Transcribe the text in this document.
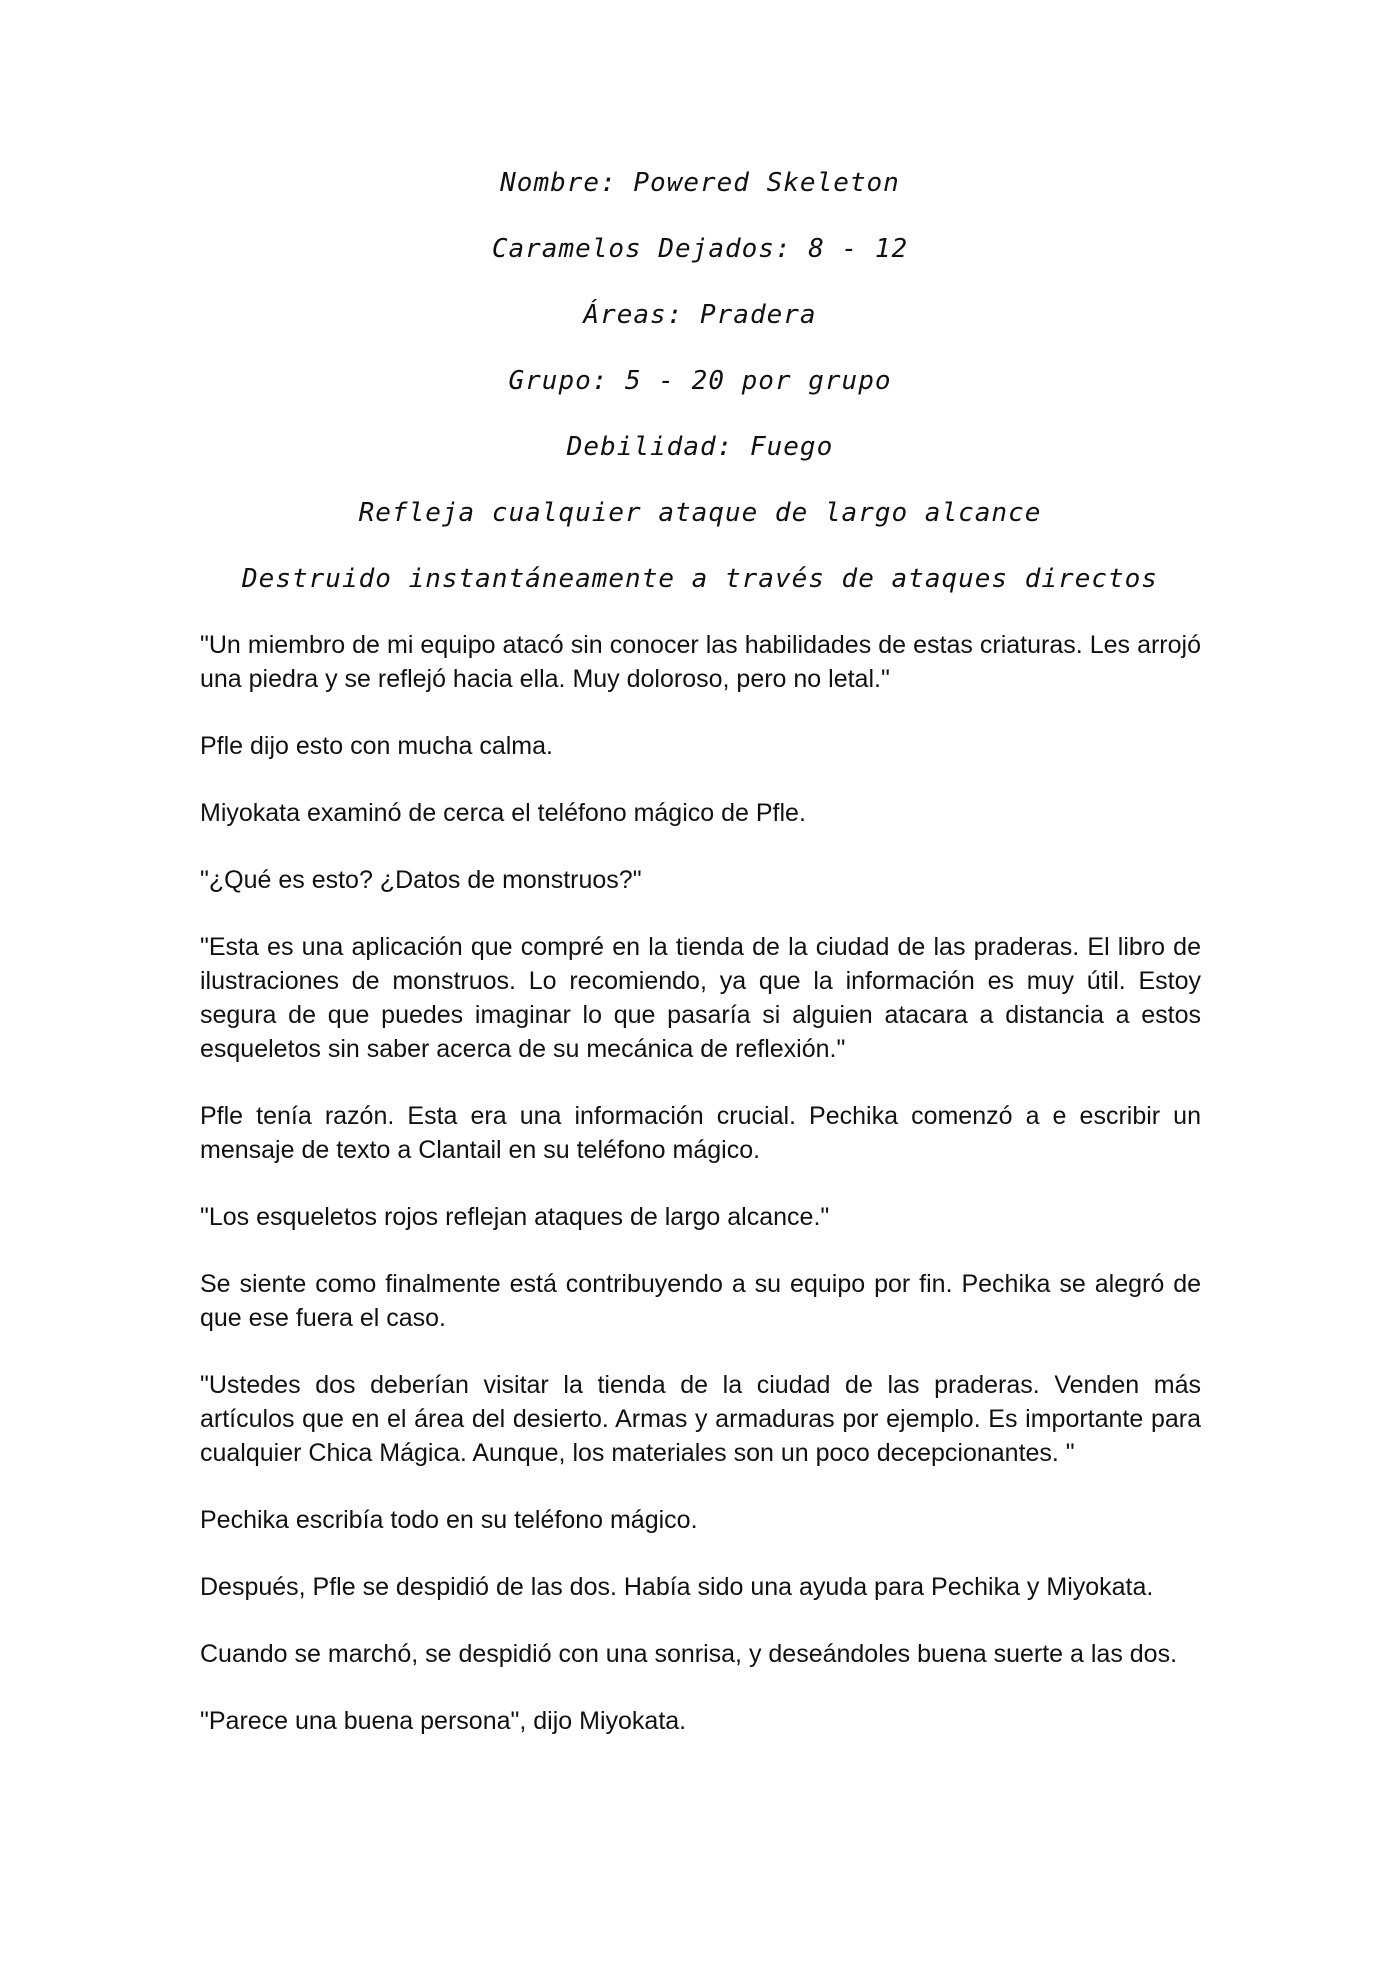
Nombre: Powered Skeleton

Caramelos Dejados: 8 - 12

Áreas: Pradera

Grupo: 5 - 20 por grupo

Debilidad: Fuego

Refleja cualquier ataque de largo alcance

Destruido instantáneamente a través de ataques directos

"Un miembro de mi equipo atacó sin conocer las habilidades de estas criaturas. Les arrojó una piedra y se reflejó hacia ella. Muy doloroso, pero no letal."

Pfle dijo esto con mucha calma.

Miyokata examinó de cerca el teléfono mágico de Pfle.

"¿Qué es esto? ¿Datos de monstruos?"

"Esta es una aplicación que compré en la tienda de la ciudad de las praderas. El libro de ilustraciones de monstruos. Lo recomiendo, ya que la información es muy útil. Estoy segura de que puedes imaginar lo que pasaría si alguien atacara a distancia a estos esqueletos sin saber acerca de su mecánica de reflexión."

Pfle tenía razón. Esta era una información crucial. Pechika comenzó a e escribir un mensaje de texto a Clantail en su teléfono mágico.

"Los esqueletos rojos reflejan ataques de largo alcance."

Se siente como finalmente está contribuyendo a su equipo por fin. Pechika se alegró de que ese fuera el caso.

"Ustedes dos deberían visitar la tienda de la ciudad de las praderas. Venden más artículos que en el área del desierto. Armas y armaduras por ejemplo. Es importante para cualquier Chica Mágica. Aunque, los materiales son un poco decepcionantes. "

Pechika escribía todo en su teléfono mágico.

Después, Pfle se despidió de las dos. Había sido una ayuda para Pechika y Miyokata.

Cuando se marchó, se despidió con una sonrisa, y deseándoles buena suerte a las dos.

"Parece una buena persona", dijo Miyokata.
